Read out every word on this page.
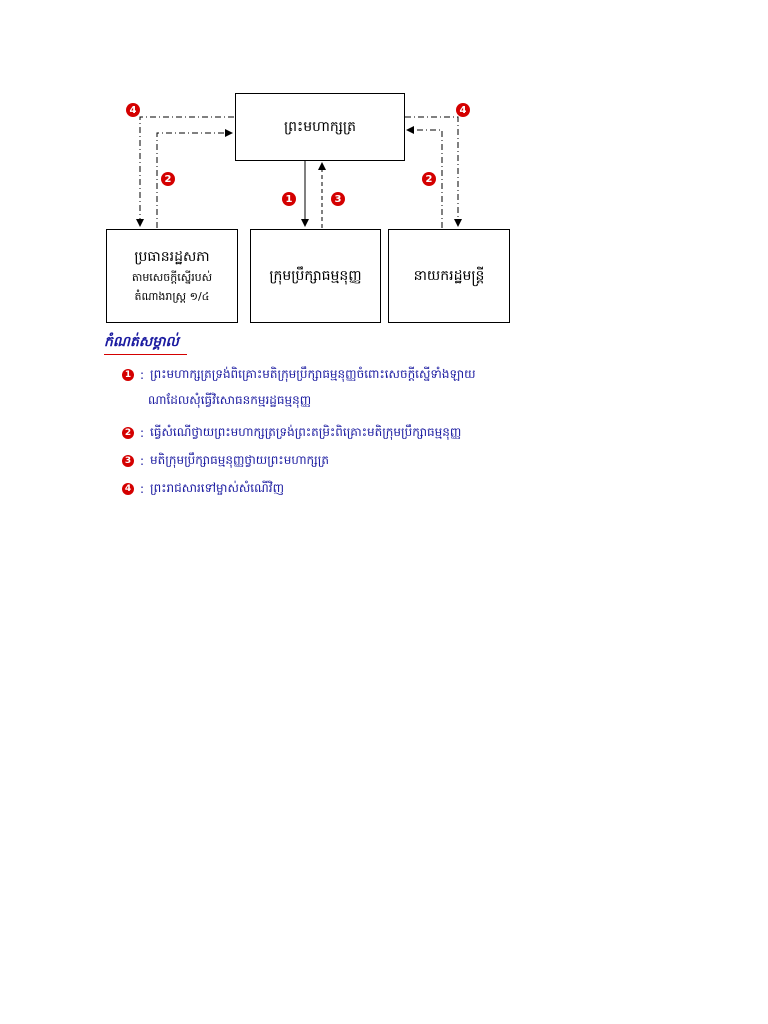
ព្រះមហាក្សត្រ
ប្រធានរដ្ឋសភា
តាមសេចក្ដីស្នើរបស់
តំណាងរាស្ត្រ ១/៤
ក្រុមប្រឹក្សាធម្មនុញ្ញ	នាយករដ្ឋមន្ត្រី
4
2
1	3
4
2
កំណត់សម្គាល់
1 : ព្រះមហាក្សត្រទ្រង់ពិគ្រោះមតិក្រុមប្រឹក្សាធម្មនុញ្ញចំពោះសេចក្ដីស្នើទាំងឡាយ
ណាដែលសុំធ្វើវិសោធនកម្មរដ្ឋធម្មនុញ្ញ
2 : ធ្វើសំណើថ្វាយព្រះមហាក្សត្រទ្រង់ព្រះតម្រិះពិគ្រោះមតិក្រុមប្រឹក្សាធម្មនុញ្ញ
3 : មតិក្រុមប្រឹក្សាធម្មនុញ្ញថ្វាយព្រះមហាក្សត្រ
4 : ព្រះរាជសារទៅម្ចាស់សំណើវិញ
